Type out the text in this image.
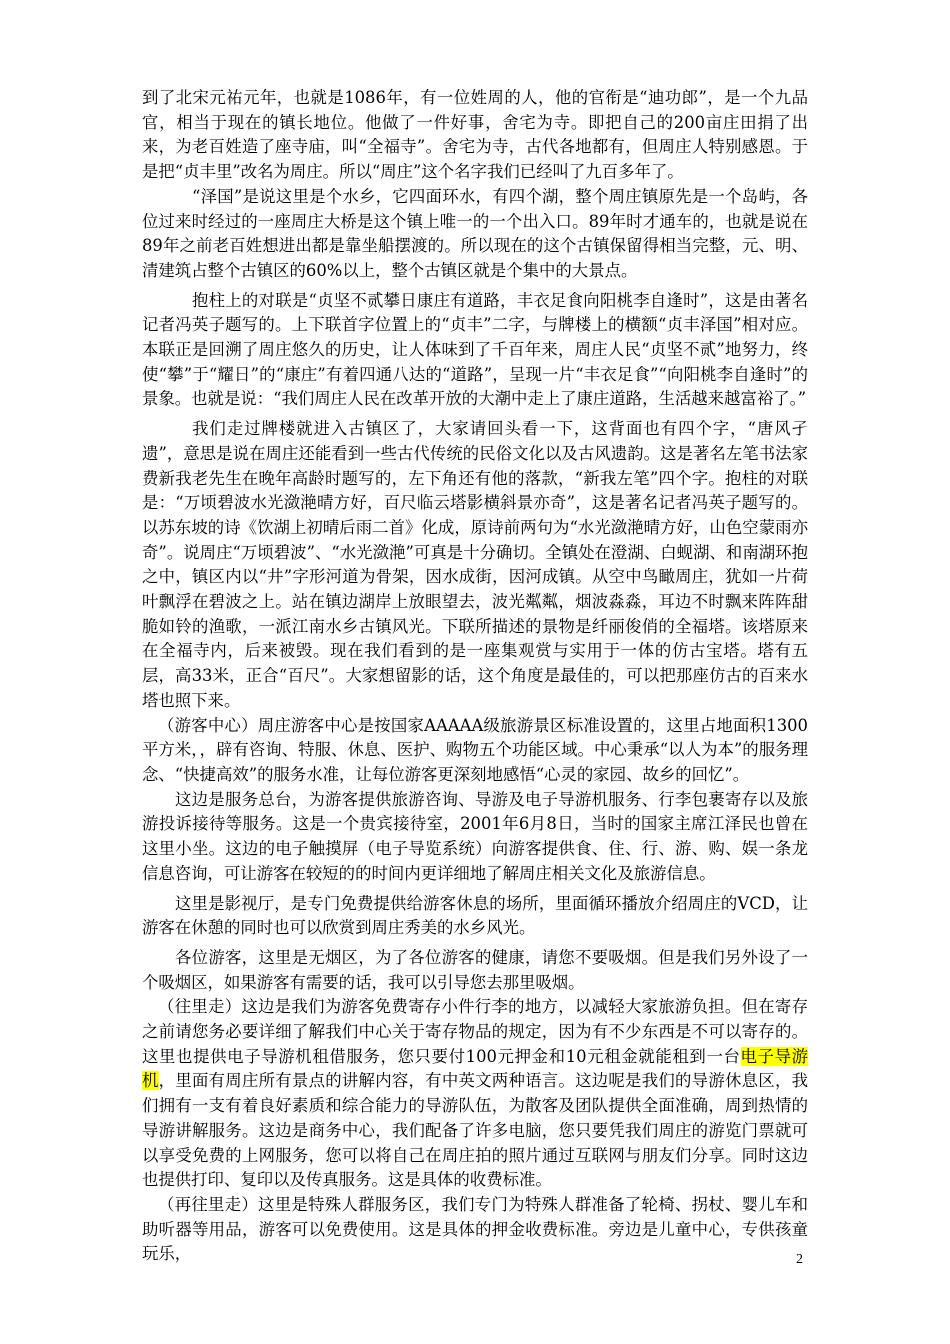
到了北宋元祐元年，也就是1086年，有一位姓周的人，他的官衔是“迪功郎”，是一个九品官，相当于现在的镇长地位。他做了一件好事，舍宅为寺。即把自己的200亩庄田捐了出来，为老百姓造了座寺庙，叫“全福寺”。舍宅为寺，古代各地都有，但周庄人特别感恩。于是把“贞丰里”改名为周庄。所以“周庄”这个名字我们已经叫了九百多年了。

“泽国”是说这里是个水乡，它四面环水，有四个湖，整个周庄镇原先是一个岛屿，各位过来时经过的一座周庄大桥是这个镇上唯一的一个出入口。89年时才通车的，也就是说在89年之前老百姓想进出都是靠坐船摆渡的。所以现在的这个古镇保留得相当完整，元、明、清建筑占整个古镇区的60%以上，整个古镇区就是个集中的大景点。

抱柱上的对联是“贞坚不贰攀日康庄有道路，丰衣足食向阳桃李自逢时”，这是由著名记者冯英子题写的。上下联首字位置上的“贞丰”二字，与牌楼上的横额“贞丰泽国”相对应。本联正是回溯了周庄悠久的历史，让人体味到了千百年来，周庄人民“贞坚不贰”地努力，终使“攀”于“耀日”的“康庄”有着四通八达的“道路”，呈现一片“丰衣足食”“向阳桃李自逢时”的景象。也就是说：“我们周庄人民在改革开放的大潮中走上了康庄道路，生活越来越富裕了。”

我们走过牌楼就进入古镇区了，大家请回头看一下，这背面也有四个字，“唐风孑遗”，意思是说在周庄还能看到一些古代传统的民俗文化以及古风遗韵。这是著名左笔书法家费新我老先生在晚年高龄时题写的，左下角还有他的落款，“新我左笔”四个字。抱柱的对联是：“万顷碧波水光潋滟晴方好，百尺临云塔影横斜景亦奇”，这是著名记者冯英子题写的。以苏东坡的诗《饮湖上初晴后雨二首》化成，原诗前两句为“水光潋滟晴方好，山色空蒙雨亦奇”。说周庄“万顷碧波”、“水光潋滟”可真是十分确切。全镇处在澄湖、白蚬湖、和南湖环抱之中，镇区内以“井”字形河道为骨架，因水成街，因河成镇。从空中鸟瞰周庄，犹如一片荷叶飘浮在碧波之上。站在镇边湖岸上放眼望去，波光粼粼，烟波淼淼，耳边不时飘来阵阵甜脆如铃的渔歌，一派江南水乡古镇风光。下联所描述的景物是纤丽俊俏的全福塔。该塔原来在全福寺内，后来被毁。现在我们看到的是一座集观赏与实用于一体的仿古宝塔。塔有五层，高33米，正合“百尺”。大家想留影的话，这个角度是最佳的，可以把那座仿古的百来水塔也照下来。

（游客中心）周庄游客中心是按国家AAAAA级旅游景区标准设置的，这里占地面积1300平方米，，辟有咨询、特服、休息、医护、购物五个功能区域。中心秉承“以人为本”的服务理念、“快捷高效”的服务水准，让每位游客更深刻地感悟“心灵的家园、故乡的回忆”。

这边是服务总台，为游客提供旅游咨询、导游及电子导游机服务、行李包裹寄存以及旅游投诉接待等服务。这是一个贵宾接待室，2001年6月8日，当时的国家主席江泽民也曾在这里小坐。这边的电子触摸屏（电子导览系统）向游客提供食、住、行、游、购、娱一条龙信息咨询，可让游客在较短的的时间内更详细地了解周庄相关文化及旅游信息。

这里是影视厅，是专门免费提供给游客休息的场所，里面循环播放介绍周庄的VCD，让游客在休憩的同时也可以欣赏到周庄秀美的水乡风光。

各位游客，这里是无烟区，为了各位游客的健康，请您不要吸烟。但是我们另外设了一个吸烟区，如果游客有需要的话，我可以引导您去那里吸烟。

（往里走）这边是我们为游客免费寄存小件行李的地方，以减轻大家旅游负担。但在寄存之前请您务必要详细了解我们中心关于寄存物品的规定，因为有不少东西是不可以寄存的。这里也提供电子导游机租借服务，您只要付100元押金和10元租金就能租到一台电子导游机，里面有周庄所有景点的讲解内容，有中英文两种语言。这边呢是我们的导游休息区，我们拥有一支有着良好素质和综合能力的导游队伍，为散客及团队提供全面准确，周到热情的导游讲解服务。这边是商务中心，我们配备了许多电脑，您只要凭我们周庄的游览门票就可以享受免费的上网服务，您可以将自己在周庄拍的照片通过互联网与朋友们分享。同时这边也提供打印、复印以及传真服务。这是具体的收费标准。

（再往里走）这里是特殊人群服务区，我们专门为特殊人群准备了轮椅、拐杖、婴儿车和助听器等用品，游客可以免费使用。这是具体的押金收费标准。旁边是儿童中心，专供孩童玩乐，	2
